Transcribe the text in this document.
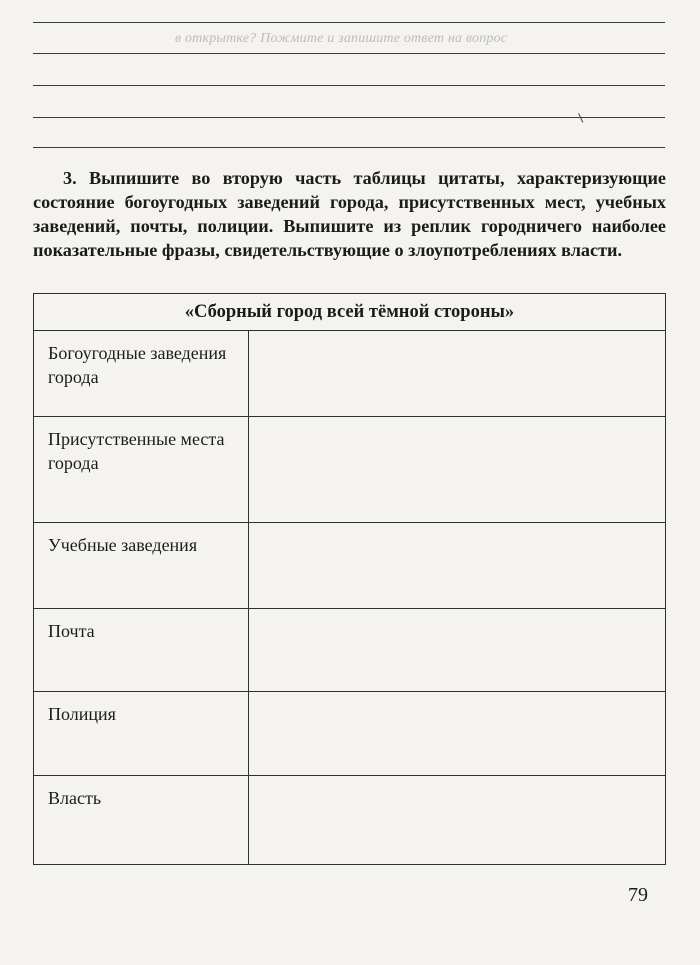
в открытке? Пожмите и запишите ответ на вопрос

3. Выпишите во вторую часть таблицы цитаты, характеризующие состояние богоугодных заведений города, присутственных мест, учебных заведений, почты, полиции. Выпишите из реплик городничего наиболее показательные фразы, свидетельствующие о злоупотреблениях власти.

«Сборный город всей тёмной стороны»	

Богоугодные заведения города	

Присутственные места города	

Учебные заведения	

Почта	

Полиция	

Власть	

79
